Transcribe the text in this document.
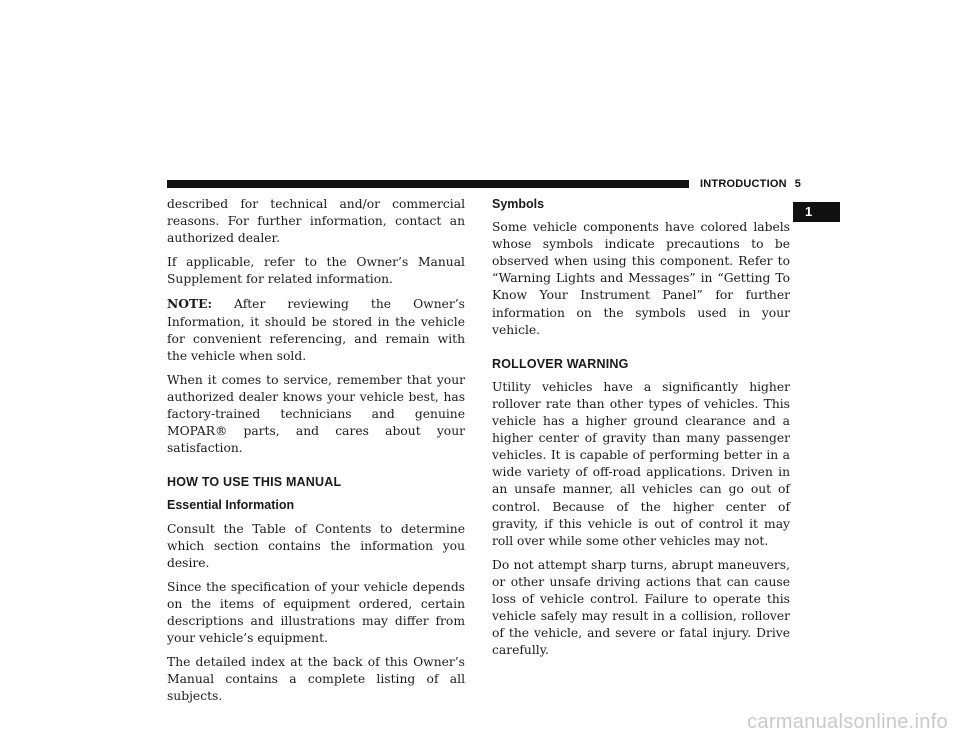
INTRODUCTION 5
1

described for technical and/or commercial reasons. For further information, contact an authorized dealer.

If applicable, refer to the Owner’s Manual Supplement for related information.

NOTE: After reviewing the Owner’s Information, it should be stored in the vehicle for convenient referencing, and remain with the vehicle when sold.

When it comes to service, remember that your authorized dealer knows your vehicle best, has factory-trained technicians and genuine MOPAR® parts, and cares about your satisfaction.

HOW TO USE THIS MANUAL
Essential Information

Consult the Table of Contents to determine which section contains the information you desire.

Since the specification of your vehicle depends on the items of equipment ordered, certain descriptions and illustrations may differ from your vehicle’s equipment.

The detailed index at the back of this Owner’s Manual contains a complete listing of all subjects.

Symbols

Some vehicle components have colored labels whose symbols indicate precautions to be observed when using this component. Refer to “Warning Lights and Messages” in “Getting To Know Your Instrument Panel” for further information on the symbols used in your vehicle.

ROLLOVER WARNING

Utility vehicles have a significantly higher rollover rate than other types of vehicles. This vehicle has a higher ground clearance and a higher center of gravity than many passenger vehicles. It is capable of performing better in a wide variety of off-road applications. Driven in an unsafe manner, all vehicles can go out of control. Because of the higher center of gravity, if this vehicle is out of control it may roll over while some other vehicles may not.

Do not attempt sharp turns, abrupt maneuvers, or other unsafe driving actions that can cause loss of vehicle control. Failure to operate this vehicle safely may result in a collision, rollover of the vehicle, and severe or fatal injury. Drive carefully.

carmanualsonline.info
